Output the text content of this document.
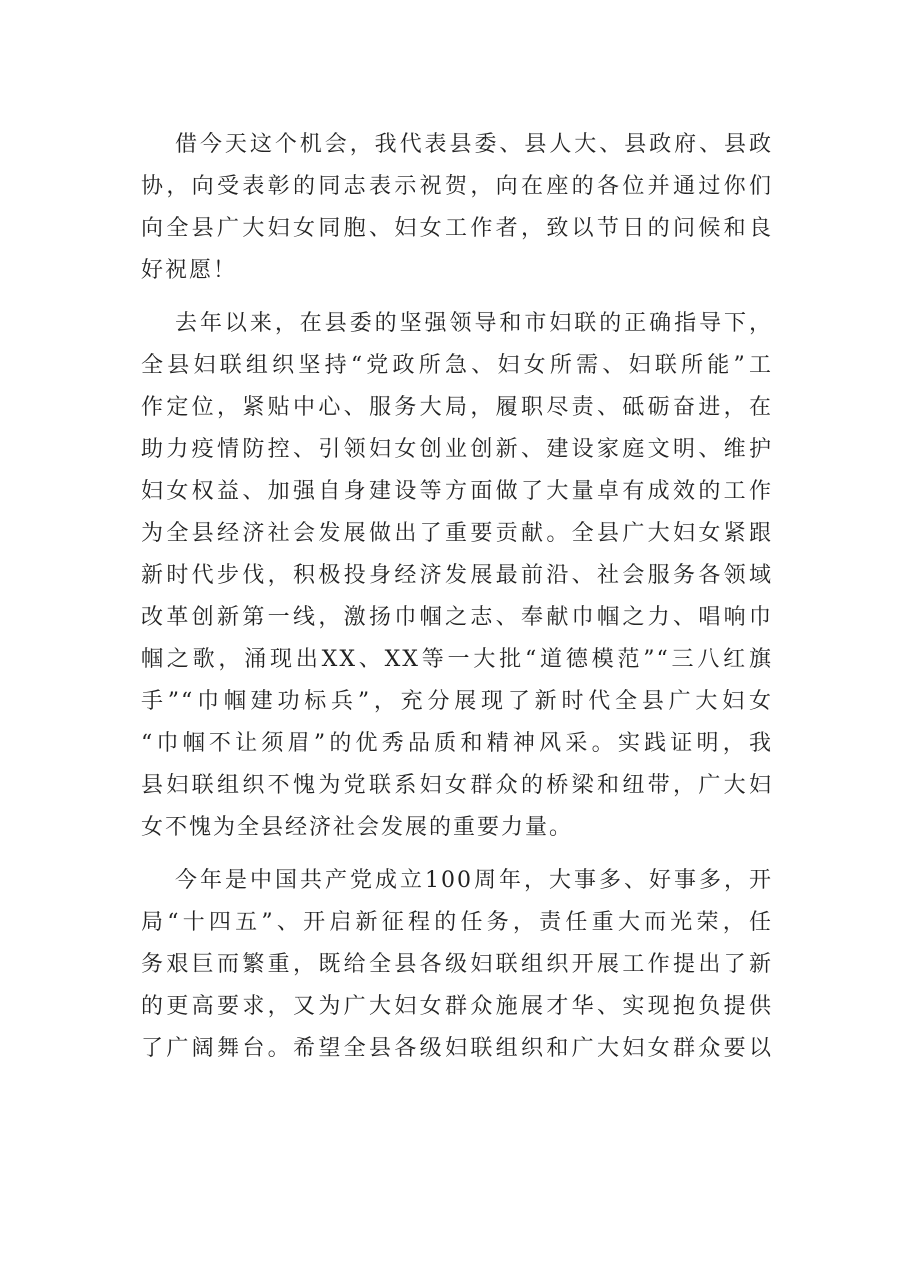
借今天这个机会，我代表县委、县人大、县政府、县政
协，向受表彰的同志表示祝贺，向在座的各位并通过你们
向全县广大妇女同胞、妇女工作者，致以节日的问候和良
好祝愿！
去年以来，在县委的坚强领导和市妇联的正确指导下，
全县妇联组织坚持“党政所急、妇女所需、妇联所能”工
作定位，紧贴中心、服务大局，履职尽责、砥砺奋进，在
助力疫情防控、引领妇女创业创新、建设家庭文明、维护
妇女权益、加强自身建设等方面做了大量卓有成效的工作
为全县经济社会发展做出了重要贡献。全县广大妇女紧跟
新时代步伐，积极投身经济发展最前沿、社会服务各领域
改革创新第一线，激扬巾帼之志、奉献巾帼之力、唱响巾
帼之歌，涌现出XX、XX等一大批“道德模范”“三八红旗
手”“巾帼建功标兵”，充分展现了新时代全县广大妇女
“巾帼不让须眉”的优秀品质和精神风采。实践证明，我
县妇联组织不愧为党联系妇女群众的桥梁和纽带，广大妇
女不愧为全县经济社会发展的重要力量。
今年是中国共产党成立100周年，大事多、好事多，开
局“十四五”、开启新征程的任务，责任重大而光荣，任
务艰巨而繁重，既给全县各级妇联组织开展工作提出了新
的更高要求，又为广大妇女群众施展才华、实现抱负提供
了广阔舞台。希望全县各级妇联组织和广大妇女群众要以
